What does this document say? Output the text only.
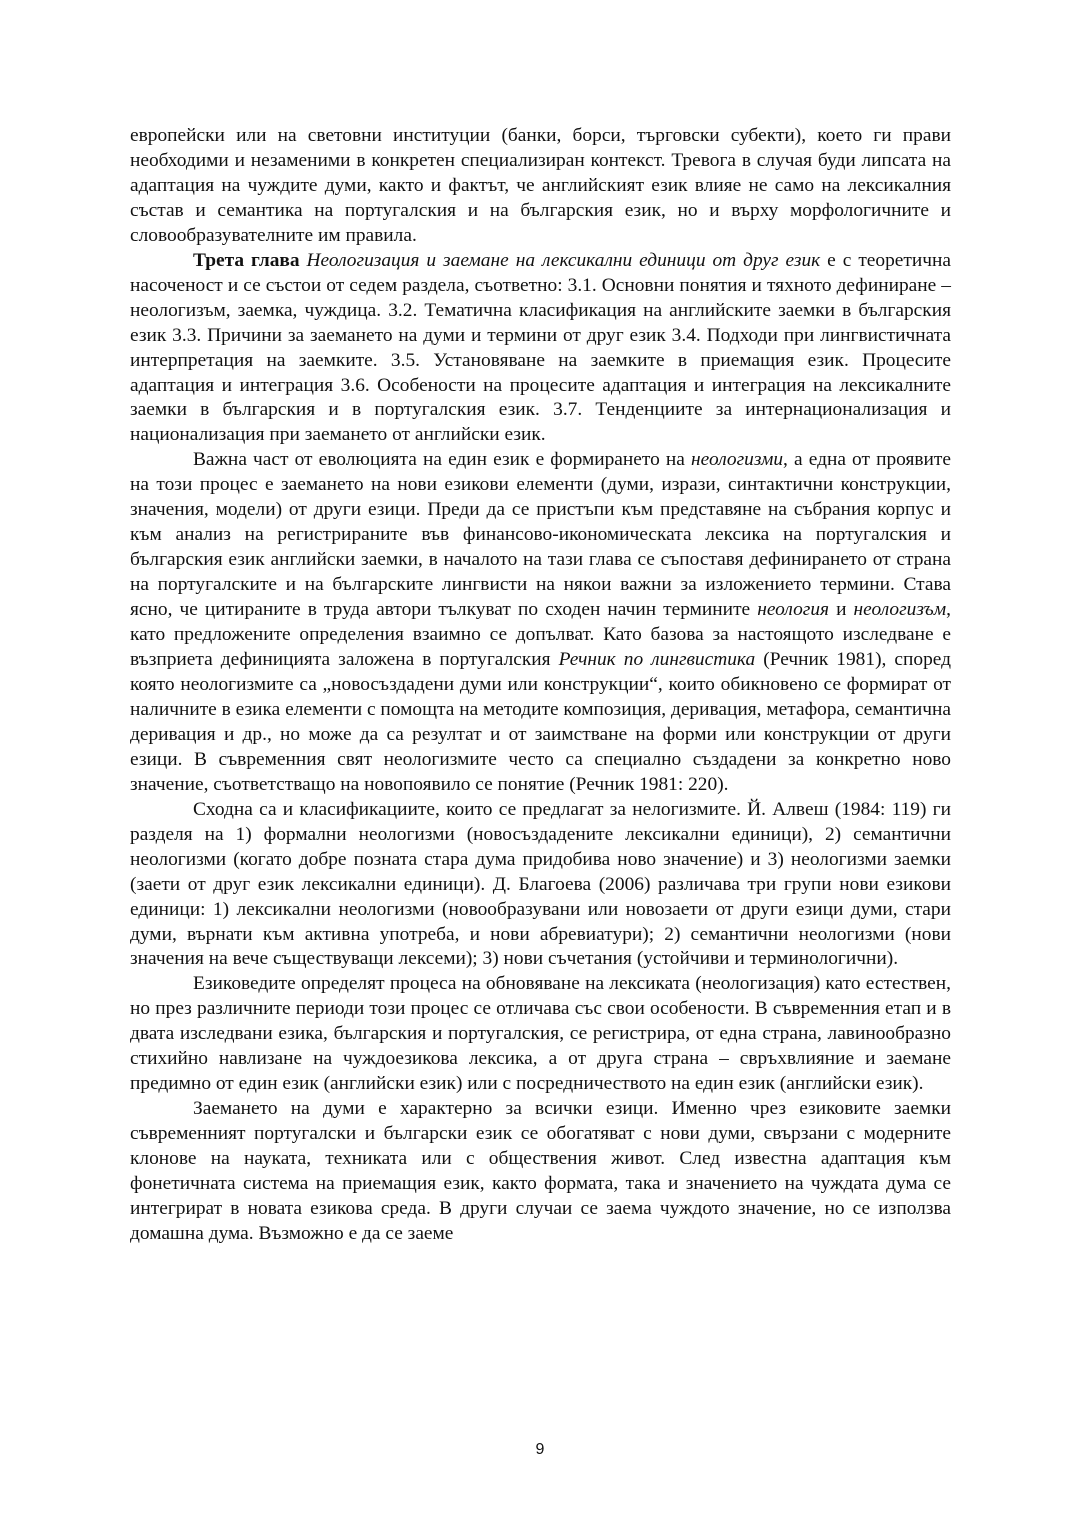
европейски или на световни институции (банки, борси, търговски субекти), което ги прави необходими и незаменими в конкретен специализиран контекст. Тревога в случая буди липсата на адаптация на чуждите думи, както и фактът, че английският език влияе не само на лексикалния състав и семантика на португалския и на българския език, но и върху морфологичните и словообразувателните им правила.

Трета глава Неологизация и заемане на лексикални единици от друг език е с теоретична насоченост и се състои от седем раздела, съответно: 3.1. Основни понятия и тяхното дефиниране – неологизъм, заемка, чуждица. 3.2. Тематична класификация на английските заемки в българския език 3.3. Причини за заемането на думи и термини от друг език 3.4. Подходи при лингвистичната интерпретация на заемките. 3.5. Установяване на заемките в приемащия език. Процесите адаптация и интеграция 3.6. Особености на процесите адаптация и интеграция на лексикалните заемки в българския и в португалския език. 3.7. Тенденциите за интернационализация и национализация при заемането от английски език.

Важна част от еволюцията на един език е формирането на неологизми, а една от проявите на този процес е заемането на нови езикови елементи (думи, изрази, синтактични конструкции, значения, модели) от други езици. Преди да се пристъпи към представяне на събрания корпус и към анализ на регистрираните във финансово-икономическата лексика на португалския и българския език английски заемки, в началото на тази глава се съпоставя дефинирането от страна на португалските и на българските лингвисти на някои важни за изложението термини. Става ясно, че цитираните в труда автори тълкуват по сходен начин термините неология и неологизъм, като предложените определения взаимно се допълват. Като базова за настоящото изследване е възприета дефиницията заложена в португалския Речник по лингвистика (Речник 1981), според която неологизмите са „новосъздадени думи или конструкции“, които обикновено се формират от наличните в езика елементи с помощта на методите композиция, деривация, метафора, семантична деривация и др., но може да са резултат и от заимстване на форми или конструкции от други езици. В съвременния свят неологизмите често са специално създадени за конкретно ново значение, съответстващо на новопоявило се понятие (Речник 1981: 220).

Сходна са и класификациите, които се предлагат за нелогизмите. Й. Алвеш (1984: 119) ги разделя на 1) формални неологизми (новосъздадените лексикални единици), 2) семантични неологизми (когато добре позната стара дума придобива ново значение) и 3) неологизми заемки (заети от друг език лексикални единици). Д. Благоева (2006) различава три групи нови езикови единици: 1) лексикални неологизми (новообразувани или новозаети от други езици думи, стари думи, върнати към активна употреба, и нови абревиатури); 2) семантични неологизми (нови значения на вече съществуващи лексеми); 3) нови съчетания (устойчиви и терминологични).

Езиковедите определят процеса на обновяване на лексиката (неологизация) като естествен, но през различните периоди този процес се отличава със свои особености. В съвременния етап и в двата изследвани езика, българския и португалския, се регистрира, от една страна, лавинообразно стихийно навлизане на чуждоезикова лексика, а от друга страна – свръхвлияние и заемане предимно от един език (английски език) или с посредничеството на един език (английски език).

Заемането на думи е характерно за всички езици. Именно чрез езиковите заемки съвременният португалски и български език се обогатяват с нови думи, свързани с модерните клонове на науката, техниката или с обществения живот. След известна адаптация към фонетичната система на приемащия език, както формата, така и значението на чуждата дума се интегрират в новата езикова среда. В други случаи се заема чуждото значение, но се използва домашна дума. Възможно е да се заеме

9
